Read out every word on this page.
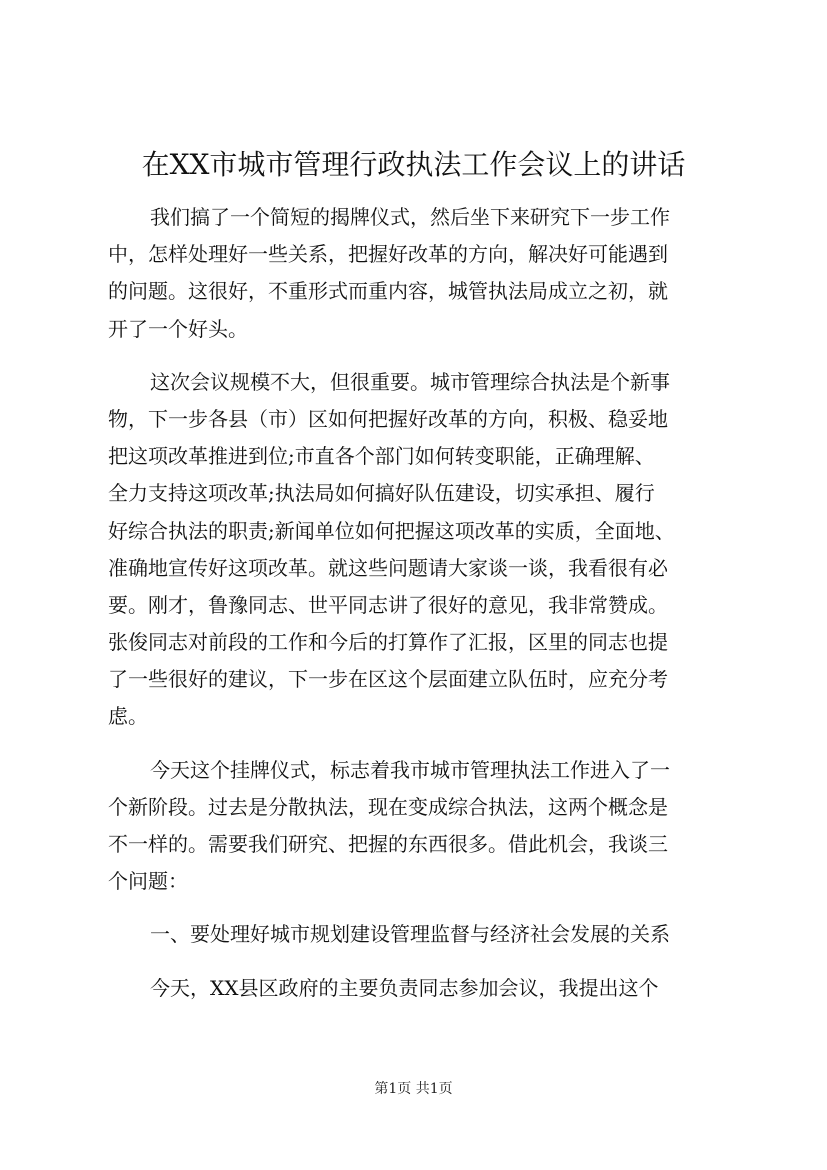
在XX市城市管理行政执法工作会议上的讲话
我们搞了一个简短的揭牌仪式，然后坐下来研究下一步工作
中，怎样处理好一些关系，把握好改革的方向，解决好可能遇到
的问题。这很好，不重形式而重内容，城管执法局成立之初，就
开了一个好头。
这次会议规模不大，但很重要。城市管理综合执法是个新事
物，下一步各县（市）区如何把握好改革的方向，积极、稳妥地
把这项改革推进到位;市直各个部门如何转变职能，正确理解、
全力支持这项改革;执法局如何搞好队伍建设，切实承担、履行
好综合执法的职责;新闻单位如何把握这项改革的实质，全面地、
准确地宣传好这项改革。就这些问题请大家谈一谈，我看很有必
要。刚才，鲁豫同志、世平同志讲了很好的意见，我非常赞成。
张俊同志对前段的工作和今后的打算作了汇报，区里的同志也提
了一些很好的建议，下一步在区这个层面建立队伍时，应充分考
虑。
今天这个挂牌仪式，标志着我市城市管理执法工作进入了一
个新阶段。过去是分散执法，现在变成综合执法，这两个概念是
不一样的。需要我们研究、把握的东西很多。借此机会，我谈三
个问题：
一、要处理好城市规划建设管理监督与经济社会发展的关系
今天，XX县区政府的主要负责同志参加会议，我提出这个
第1页 共1页
